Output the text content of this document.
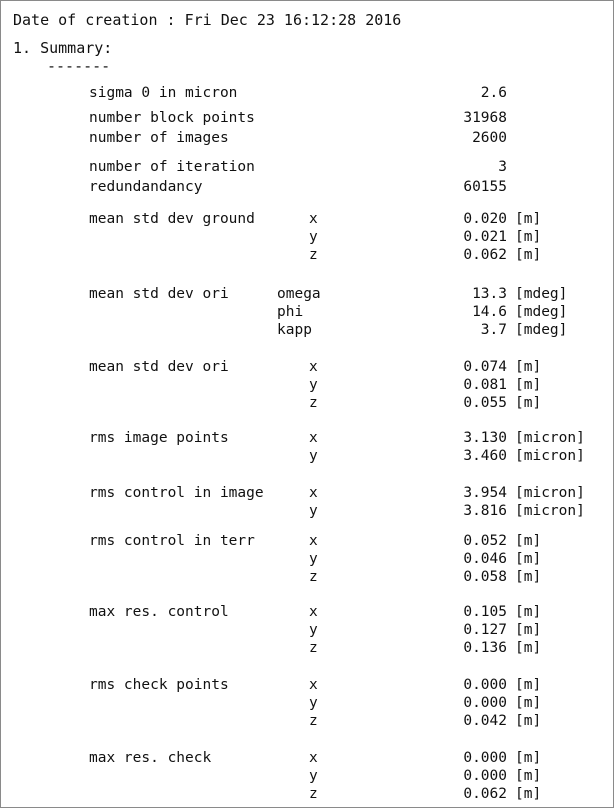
Date of creation : Fri Dec 23 16:12:28 2016
1. Summary:
-------
sigma 0 in micron	2.6
number block points	31968
number of images	2600
number of iteration	3
redundandancy	60155
mean std dev ground	x	0.020 [m]
y	0.021 [m]
z	0.062 [m]
mean std dev ori	omega	13.3 [mdeg]
phi	14.6 [mdeg]
kapp	3.7 [mdeg]
mean std dev ori	x	0.074 [m]
y	0.081 [m]
z	0.055 [m]
rms image points	x	3.130 [micron]
y	3.460 [micron]
rms control in image	x	3.954 [micron]
y	3.816 [micron]
rms control in terr	x	0.052 [m]
y	0.046 [m]
z	0.058 [m]
max res. control	x	0.105 [m]
y	0.127 [m]
z	0.136 [m]
rms check points	x	0.000 [m]
y	0.000 [m]
z	0.042 [m]
max res. check	x	0.000 [m]
y	0.000 [m]
z	0.062 [m]
